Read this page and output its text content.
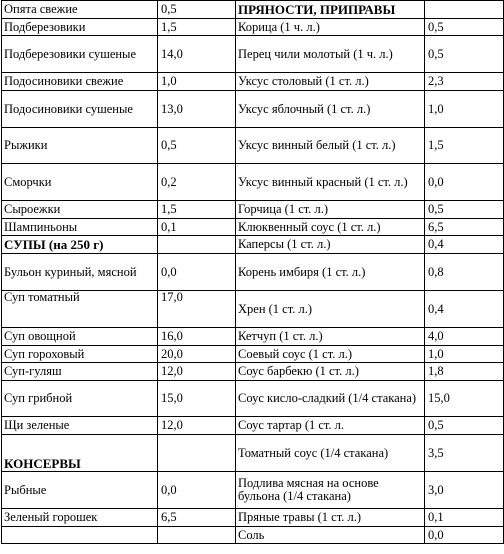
Опята свежие	0,5	ПРЯНОСТИ, ПРИПРАВЫ	
Подберезовики	1,5	Корица (1 ч. л.)	0,5
Подберезовики сушеные	14,0	Перец чили молотый (1 ч. л.)	0,5
Подосиновики свежие	1,0	Уксус столовый (1 ст. л.)	2,3
Подосиновики сушеные	13,0	Уксус яблочный (1 ст. л.)	1,0
Рыжики	0,5	Уксус винный белый (1 ст. л.)	1,5
Сморчки	0,2	Уксус винный красный (1 ст. л.)	0,0
Сыроежки	1,5	Горчица (1 ст. л.)	0,5
Шампиньоны	0,1	Клюквенный соус (1 ст. л.)	6,5
СУПЫ (на 250 г)		Каперсы (1 ст. л.)	0,4
Бульон куриный, мясной	0,0	Корень имбиря (1 ст. л.)	0,8
Суп томатный	17,0	Хрен (1 ст. л.)	0,4
Суп овощной	16,0	Кетчуп (1 ст. л.)	4,0
Суп гороховый	20,0	Соевый соус (1 ст. л.)	1,0
Суп-гуляш	12,0	Соус барбекю (1 ст. л.)	1,8
Суп грибной	15,0	Соус кисло-сладкий (1/4 стакана)	15,0
Щи зеленые	12,0	Соус тартар (1 ст. л.	0,5
КОНСЕРВЫ		Томатный соус (1/4 стакана)	3,5
Рыбные	0,0	Подлива мясная на основе бульона (1/4 стакана)	3,0
Зеленый горошек	6,5	Пряные травы (1 ст. л.)	0,1
		Соль	0,0
